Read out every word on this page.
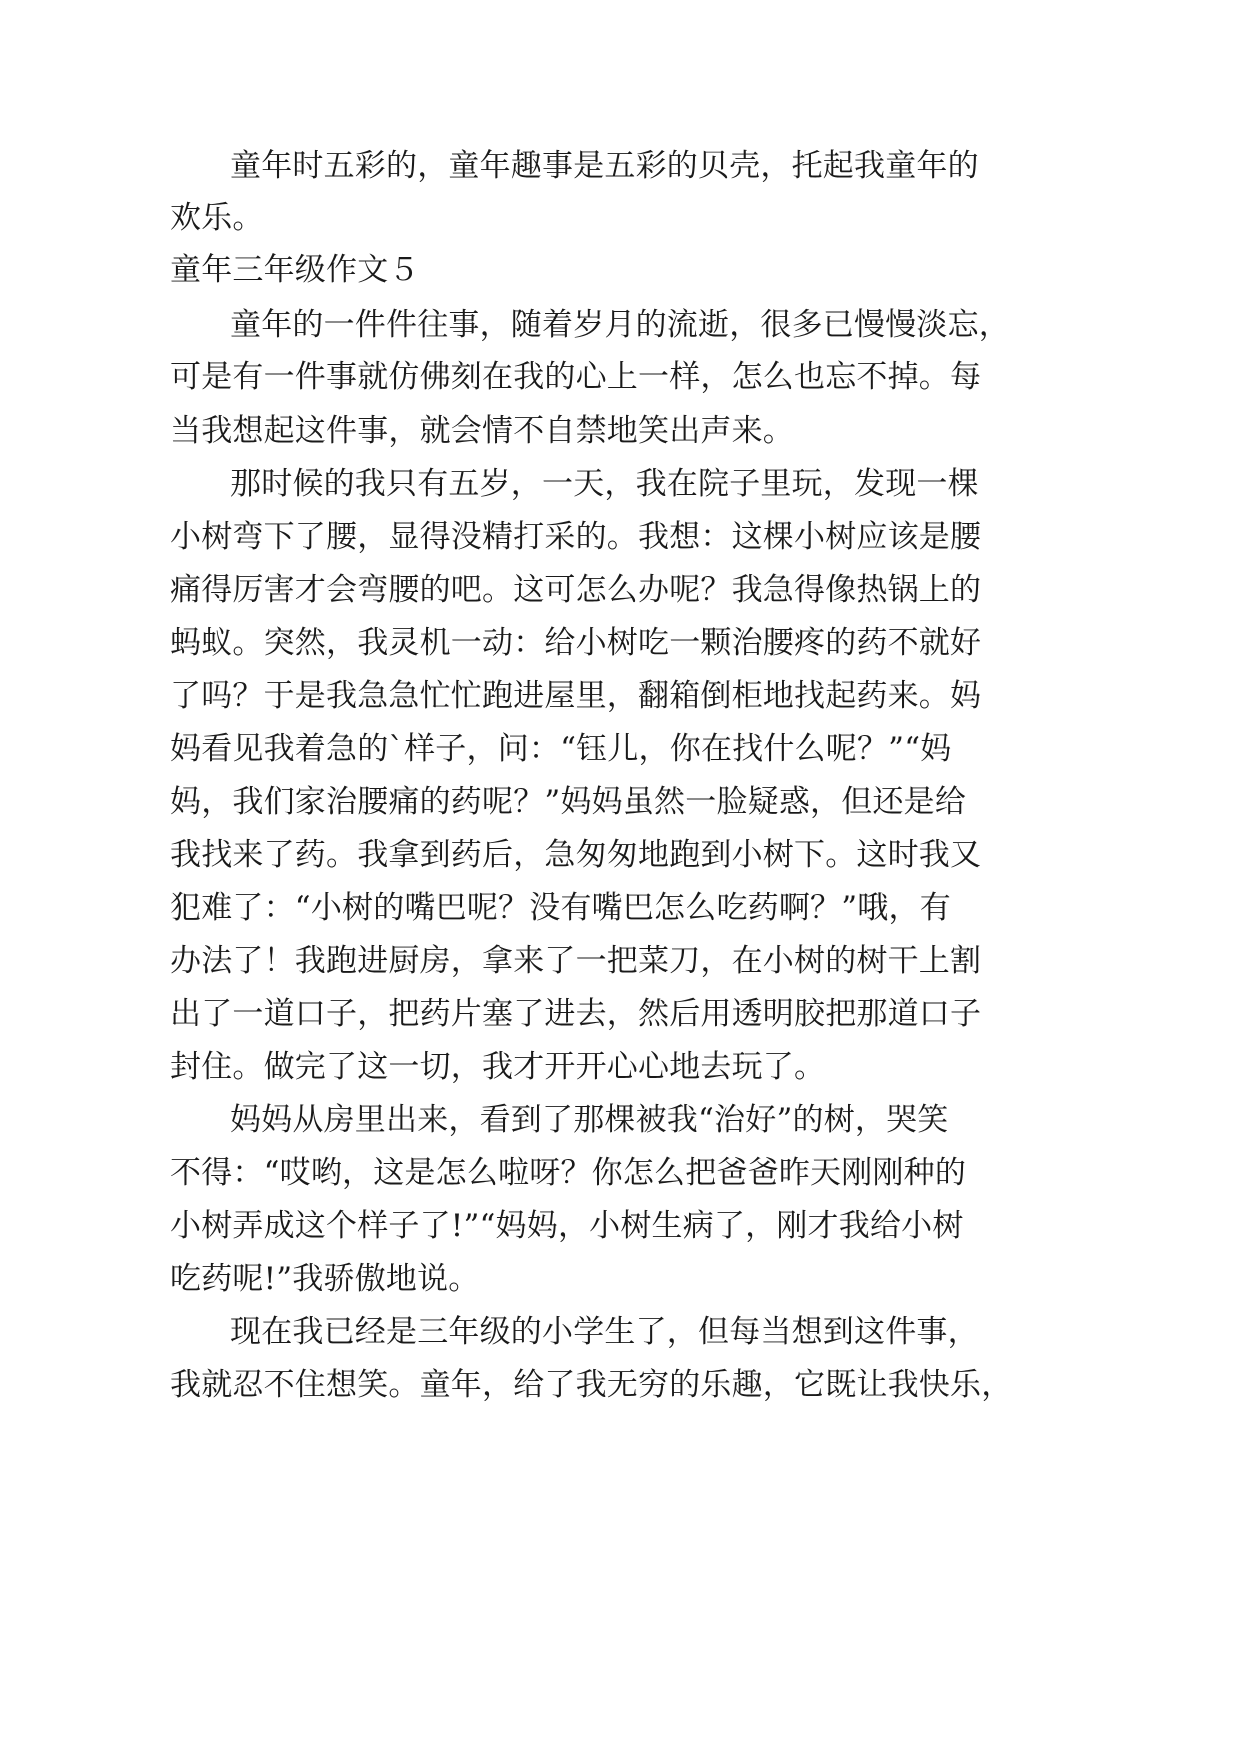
童年时五彩的，童年趣事是五彩的贝壳，托起我童年的
欢乐。
童年三年级作文５
童年的一件件往事，随着岁月的流逝，很多已慢慢淡忘，
可是有一件事就仿佛刻在我的心上一样，怎么也忘不掉。每
当我想起这件事，就会情不自禁地笑出声来。
那时候的我只有五岁，一天，我在院子里玩，发现一棵
小树弯下了腰，显得没精打采的。我想：这棵小树应该是腰
痛得厉害才会弯腰的吧。这可怎么办呢？我急得像热锅上的
蚂蚁。突然，我灵机一动：给小树吃一颗治腰疼的药不就好
了吗？于是我急急忙忙跑进屋里，翻箱倒柜地找起药来。妈
妈看见我着急的`样子，问：“钰儿，你在找什么呢？”“妈
妈，我们家治腰痛的药呢？”妈妈虽然一脸疑惑，但还是给
我找来了药。我拿到药后，急匆匆地跑到小树下。这时我又
犯难了：“小树的嘴巴呢？没有嘴巴怎么吃药啊？”哦，有
办法了！我跑进厨房，拿来了一把菜刀，在小树的树干上割
出了一道口子，把药片塞了进去，然后用透明胶把那道口子
封住。做完了这一切，我才开开心心地去玩了。
妈妈从房里出来，看到了那棵被我“治好”的树，哭笑
不得：“哎哟，这是怎么啦呀？你怎么把爸爸昨天刚刚种的
小树弄成这个样子了!”“妈妈，小树生病了，刚才我给小树
吃药呢!”我骄傲地说。
现在我已经是三年级的小学生了，但每当想到这件事，
我就忍不住想笑。童年，给了我无穷的乐趣，它既让我快乐，
